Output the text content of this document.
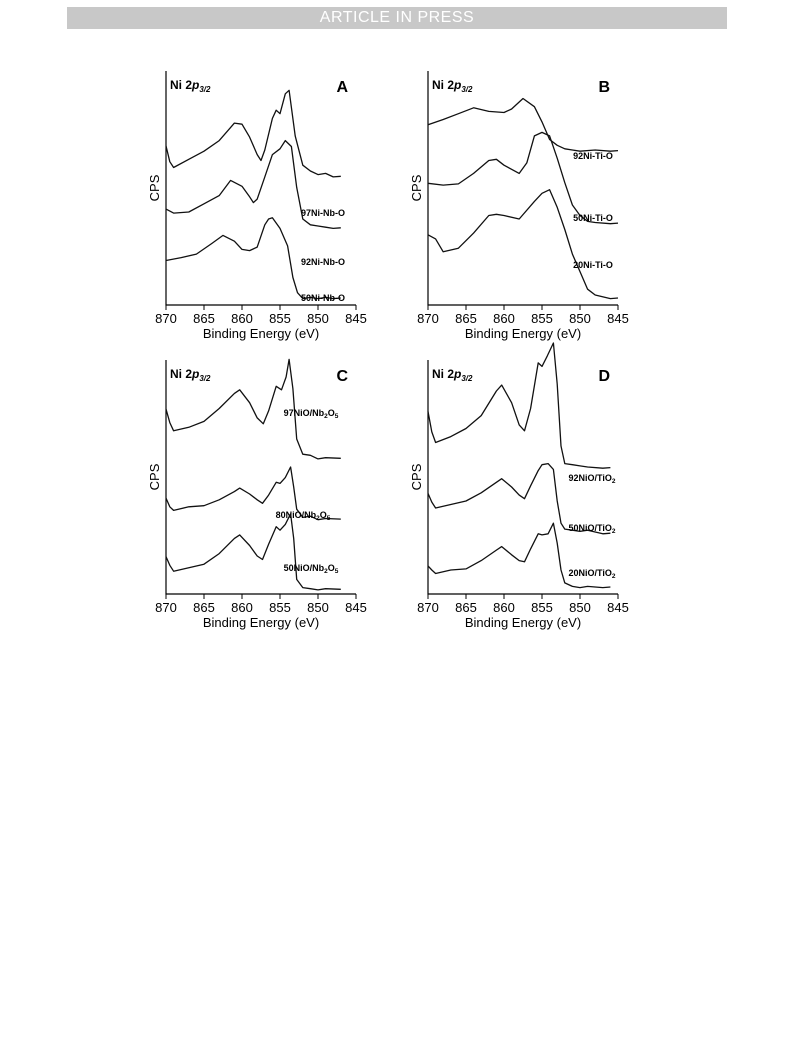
ARTICLE IN PRESS
870 865 860 855 850 845
Binding Energy (eV)
CPS
Ni $2p_{3/2}$	A
97Ni-Nb-O
92Ni-Nb-O
50Ni-Nb-O
870 865 860 855 850 845
Binding Energy (eV)
CPS
Ni $2p_{3/2}$	B
92Ni-Ti-O
50Ni-Ti-O
20Ni-Ti-O
870 865 860 855 850 845
Binding Energy (eV)
CPS
Ni $2p_{3/2}$	C
$97NiO/Nb_2O_5$
$80NiO/Nb_2O_5$
$50NiO/Nb_2O_5$
870 865 860 855 850 845
Binding Energy (eV)
CPS
Ni $2p_{3/2}$	D
92NiO/TiO$_2$
50NiO/TiO$_2$
20NiO/TiO$_2$
